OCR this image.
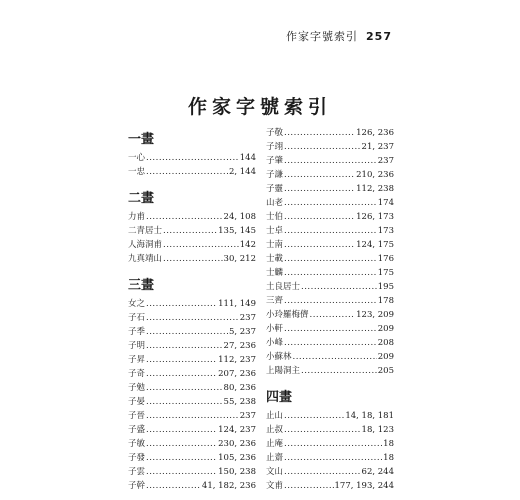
作家字號索引 257
作家字號索引
一畫
一心 .....	144
一忠 .....	2, 144
二畫
力甫 .....	24, 108
二青居士 .....	135, 145
人海洞甫 .....	142
九真靖山 .....	30, 212
三畫
女之 .....	111, 149
子石 .....	237
子季 .....	5, 237
子明 .....	27, 236
子昇 .....	112, 237
子奇 .....	207, 236
子勉 .....	80, 236
子晏 .....	55, 238
子晉 .....	237
子盛 .....	124, 237
子敏 .....	230, 236
子發 .....	105, 236
子雲 .....	150, 238
子幹 .....	41, 182, 236
子敬 .....	126, 236
子翊 .....	21, 237
子肇 .....	237
子謙 .....	210, 236
子靈 .....	112, 238
山老 .....	174
士伯 .....	126, 173
士卓 .....	173
士南 .....	124, 175
士載 .....	176
士麟 .....	175
土良居士 .....	195
三齊 .....	178
小玲羅梅儕 .....	123, 209
小軒 .....	209
小峰 .....	208
小蘇林 .....	209
上陽洞主 .....	205
四畫
止山 .....	14, 18, 181
止叔 .....	18, 123
止庵 .....	18
止齋 .....	18
文山 .....	62, 244
文甫 .....	177, 193, 244
